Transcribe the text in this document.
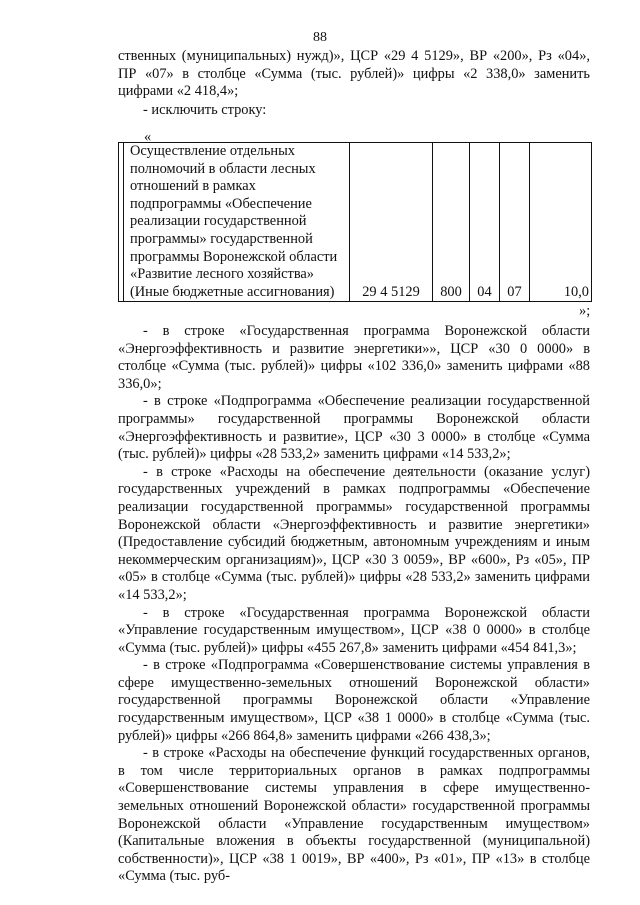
88

ственных (муниципальных) нужд)», ЦСР «29 4 5129», ВР «200», Рз «04», ПР «07» в столбце «Сумма (тыс. рублей)» цифры «2 338,0» заменить цифрами «2 418,4»;

- исключить строку:

«
	Осуществление отдельных полномочий в области лесных отношений в рамках подпрограммы «Обеспечение реализации государственной программы» государственной программы Воронежской области «Развитие лесного хозяйства» (Иные бюджетные ассигнования)	29 4 5129	800	04	07	10,0
»;

- в строке «Государственная программа Воронежской области «Энергоэффективность и развитие энергетики»», ЦСР «30 0 0000» в столбце «Сумма (тыс. рублей)» цифры «102 336,0» заменить цифрами «88 336,0»;

- в строке «Подпрограмма «Обеспечение реализации государственной программы» государственной программы Воронежской области «Энергоэффективность и развитие», ЦСР «30 3 0000» в столбце «Сумма (тыс. рублей)» цифры «28 533,2» заменить цифрами «14 533,2»;

- в строке «Расходы на обеспечение деятельности (оказание услуг) государственных учреждений в рамках подпрограммы «Обеспечение реализации государственной программы» государственной программы Воронежской области «Энергоэффективность и развитие энергетики» (Предоставление субсидий бюджетным, автономным учреждениям и иным некоммерческим организациям)», ЦСР «30 3 0059», ВР «600», Рз «05», ПР «05» в столбце «Сумма (тыс. рублей)» цифры «28 533,2» заменить цифрами «14 533,2»;

- в строке «Государственная программа Воронежской области «Управление государственным имуществом», ЦСР «38 0 0000» в столбце «Сумма (тыс. рублей)» цифры «455 267,8» заменить цифрами «454 841,3»;

- в строке «Подпрограмма «Совершенствование системы управления в сфере имущественно-земельных отношений Воронежской области» государственной программы Воронежской области «Управление государственным имуществом», ЦСР «38 1 0000» в столбце «Сумма (тыс. рублей)» цифры «266 864,8» заменить цифрами «266 438,3»;

- в строке «Расходы на обеспечение функций государственных органов, в том числе территориальных органов в рамках подпрограммы «Совершенствование системы управления в сфере имущественно-земельных отношений Воронежской области» государственной программы Воронежской области «Управление государственным имуществом» (Капитальные вложения в объекты государственной (муниципальной) собственности)», ЦСР «38 1 0019», ВР «400», Рз «01», ПР «13» в столбце «Сумма (тыс. руб-
